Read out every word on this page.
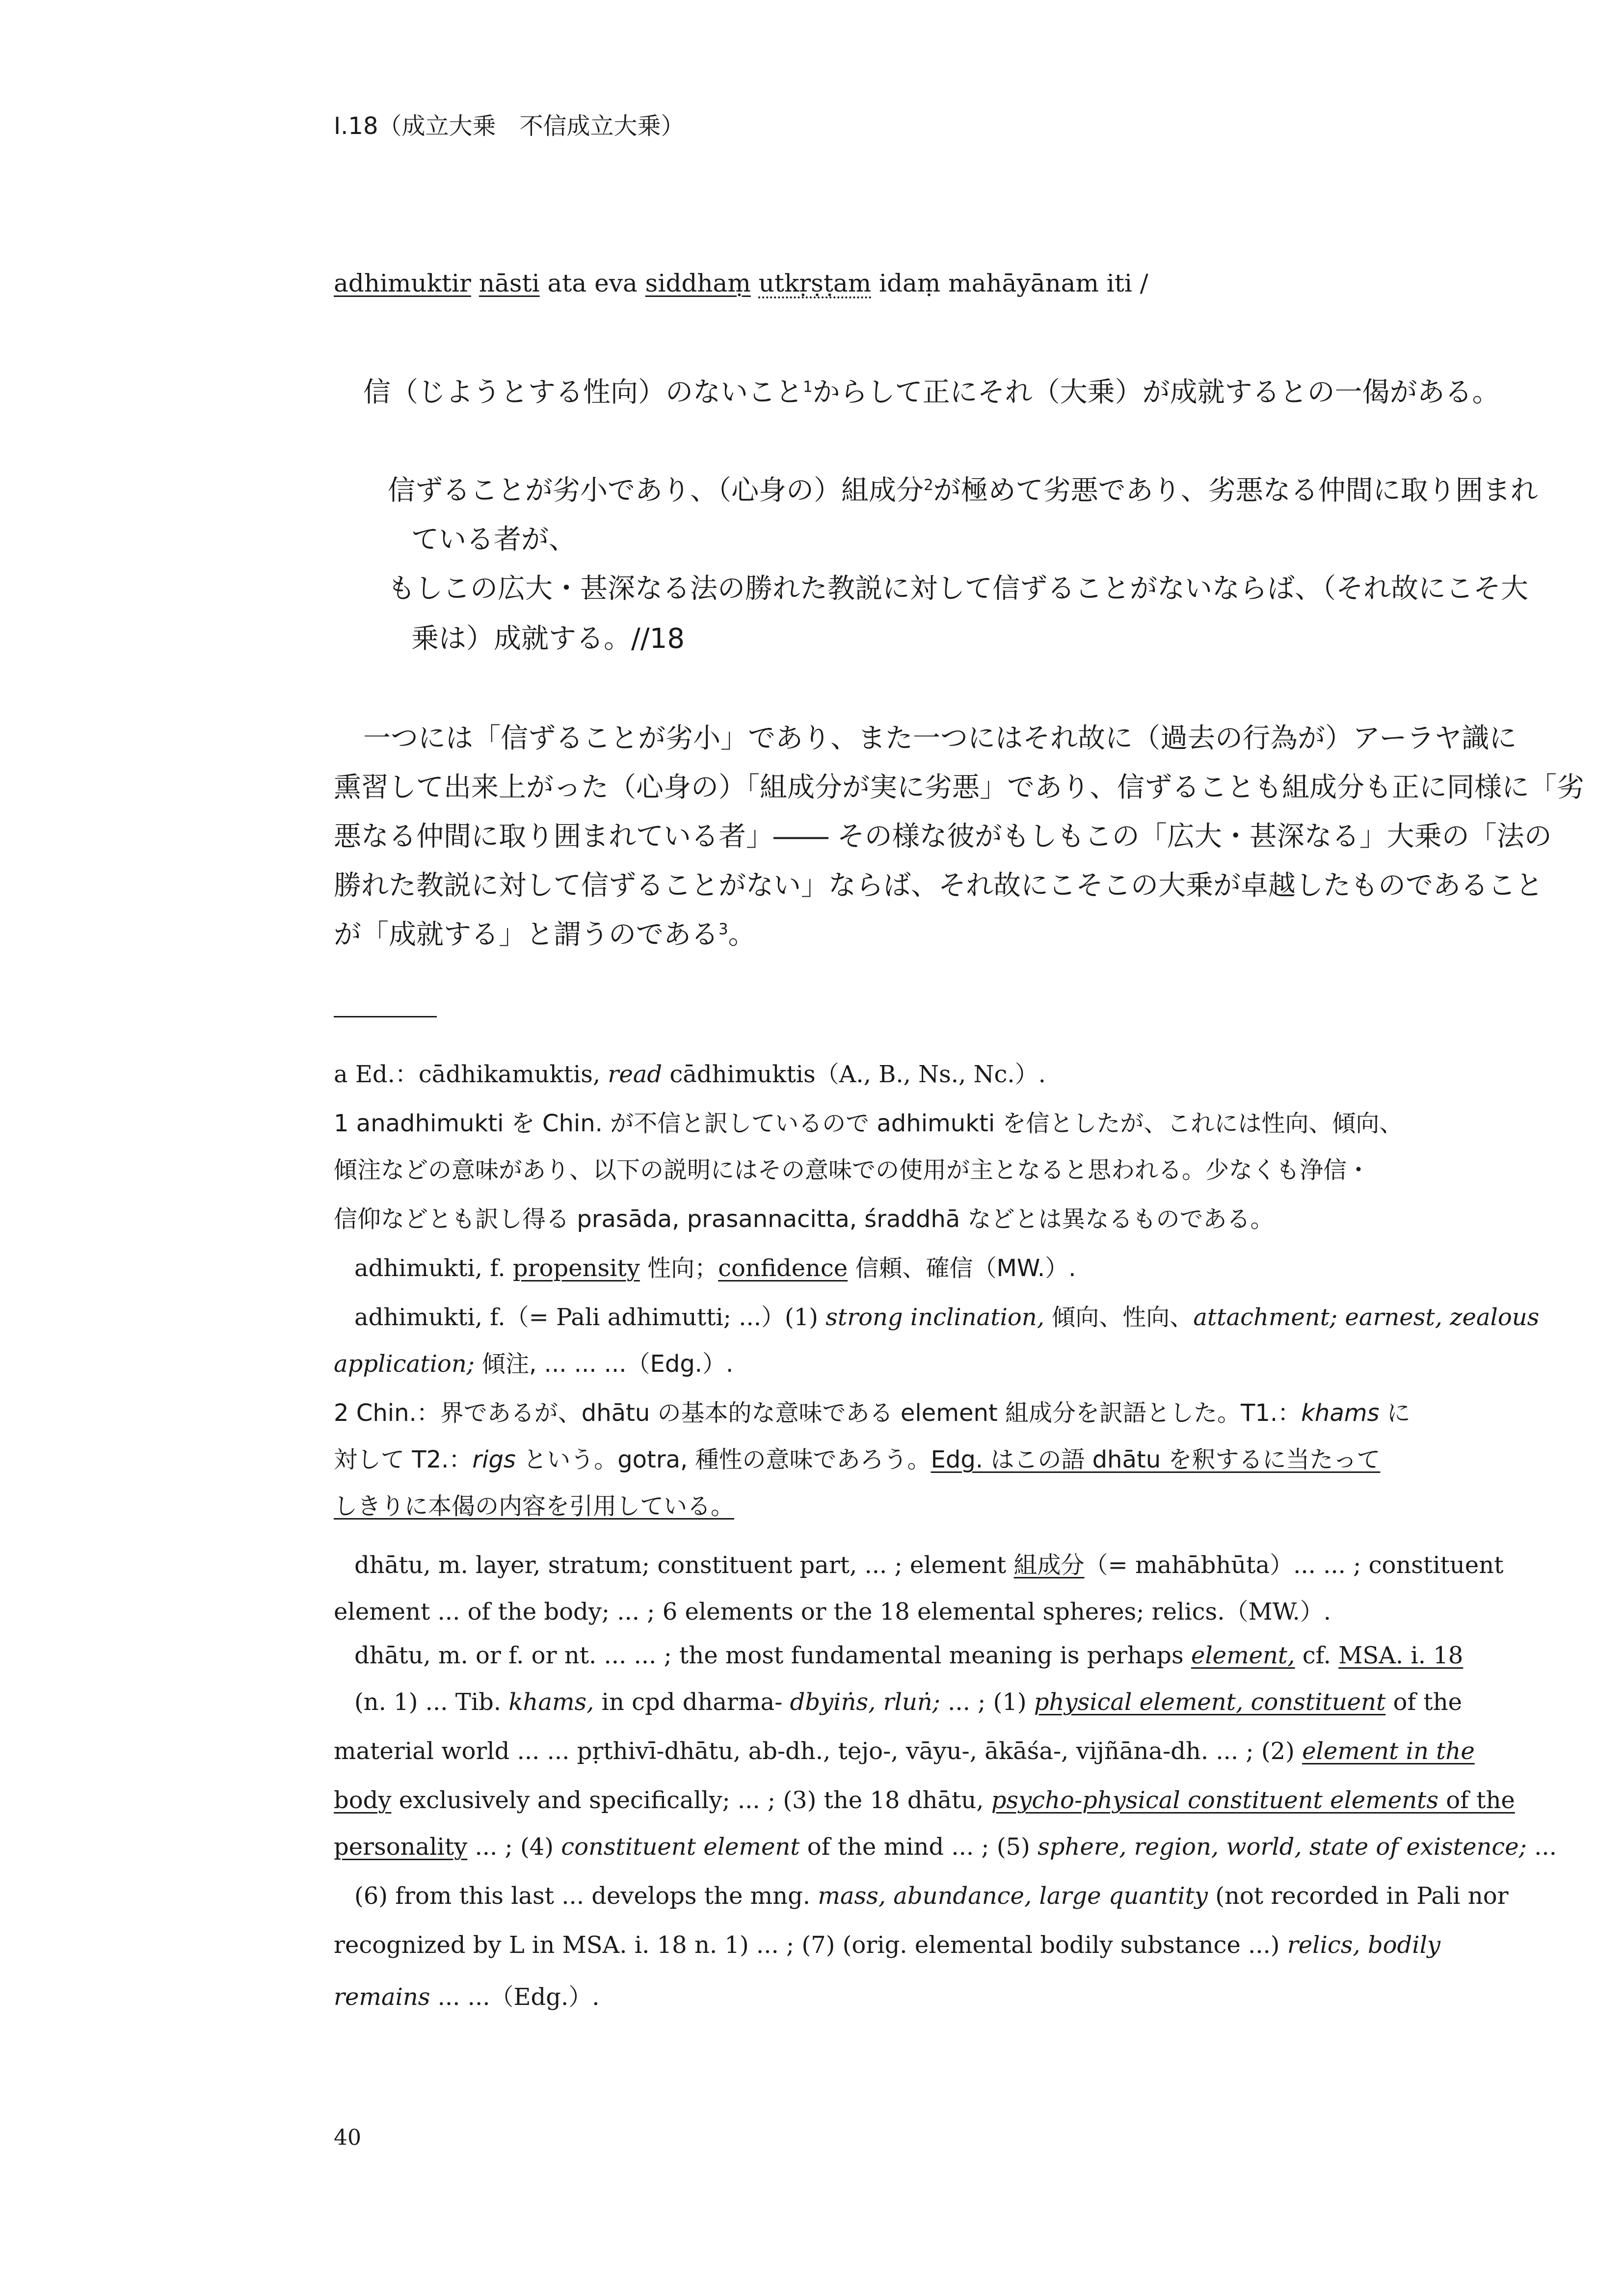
I.18（成立大乗　不信成立大乗）
adhimuktir nāsti ata eva siddhaṃ utkṛṣṭam idaṃ mahāyānam iti /
信（じようとする性向）のないこと$^1$からして正にそれ（大乗）が成就するとの一偈がある。
信ずることが劣小であり、（心身の）組成分$^2$が極めて劣悪であり、劣悪なる仲間に取り囲まれ
ている者が、
もしこの広大・甚深なる法の勝れた教説に対して信ずることがないならば、（それ故にこそ大
乗は）成就する。//18
一つには「信ずることが劣小」であり、また一つにはそれ故に（過去の行為が）アーラヤ識に
熏習して出来上がった（心身の）「組成分が実に劣悪」であり、信ずることも組成分も正に同様に「劣
悪なる仲間に取り囲まれている者」―― その様な彼がもしもこの「広大・甚深なる」大乗の「法の
勝れた教説に対して信ずることがない」ならば、それ故にこそこの大乗が卓越したものであること
が「成就する」と謂うのである$^3$。
a Ed.：cādhikamuktis, read cādhimuktis（A., B., Ns., Nc.）.
1 anadhimukti を Chin. が不信と訳しているので adhimukti を信としたが、これには性向、傾向、
傾注などの意味があり、以下の説明にはその意味での使用が主となると思われる。少なくも浄信・
信仰などとも訳し得る prasāda, prasannacitta, śraddhā などとは異なるものである。
adhimukti, f. propensity 性向；confidence 信頼、確信（MW.）.
adhimukti, f.（= Pali adhimutti; ...）(1) strong inclination, 傾向、性向、attachment; earnest, zealous
application; 傾注, ... ... ...（Edg.）.
2 Chin.：界であるが、dhātu の基本的な意味である element 組成分を訳語とした。T1.：khams に
対して T2.：rigs という。gotra, 種性の意味であろう。Edg. はこの語 dhātu を釈するに当たって
しきりに本偈の内容を引用している。
dhātu, m. layer, stratum; constituent part, ... ; element 組成分（= mahābhūta）... ... ; constituent
element ... of the body; ... ; 6 elements or the 18 elemental spheres; relics.（MW.）.
dhātu, m. or f. or nt. ... ... ; the most fundamental meaning is perhaps element, cf. MSA. i. 18
(n. 1) ... Tib. khams, in cpd dharma- dbyiṅs, rluṅ; ... ; (1) physical element, constituent of the
material world ... ... pṛthivī-dhātu, ab-dh., tejo-, vāyu-, ākāśa-, vijñāna-dh. ... ; (2) element in the
body exclusively and specifically; ... ; (3) the 18 dhātu, psycho-physical constituent elements of the
personality ... ; (4) constituent element of the mind ... ; (5) sphere, region, world, state of existence; ...
(6) from this last ... develops the mng. mass, abundance, large quantity (not recorded in Pali nor
recognized by L in MSA. i. 18 n. 1) ... ; (7) (orig. elemental bodily substance ...) relics, bodily
remains ... ...（Edg.）.
40
